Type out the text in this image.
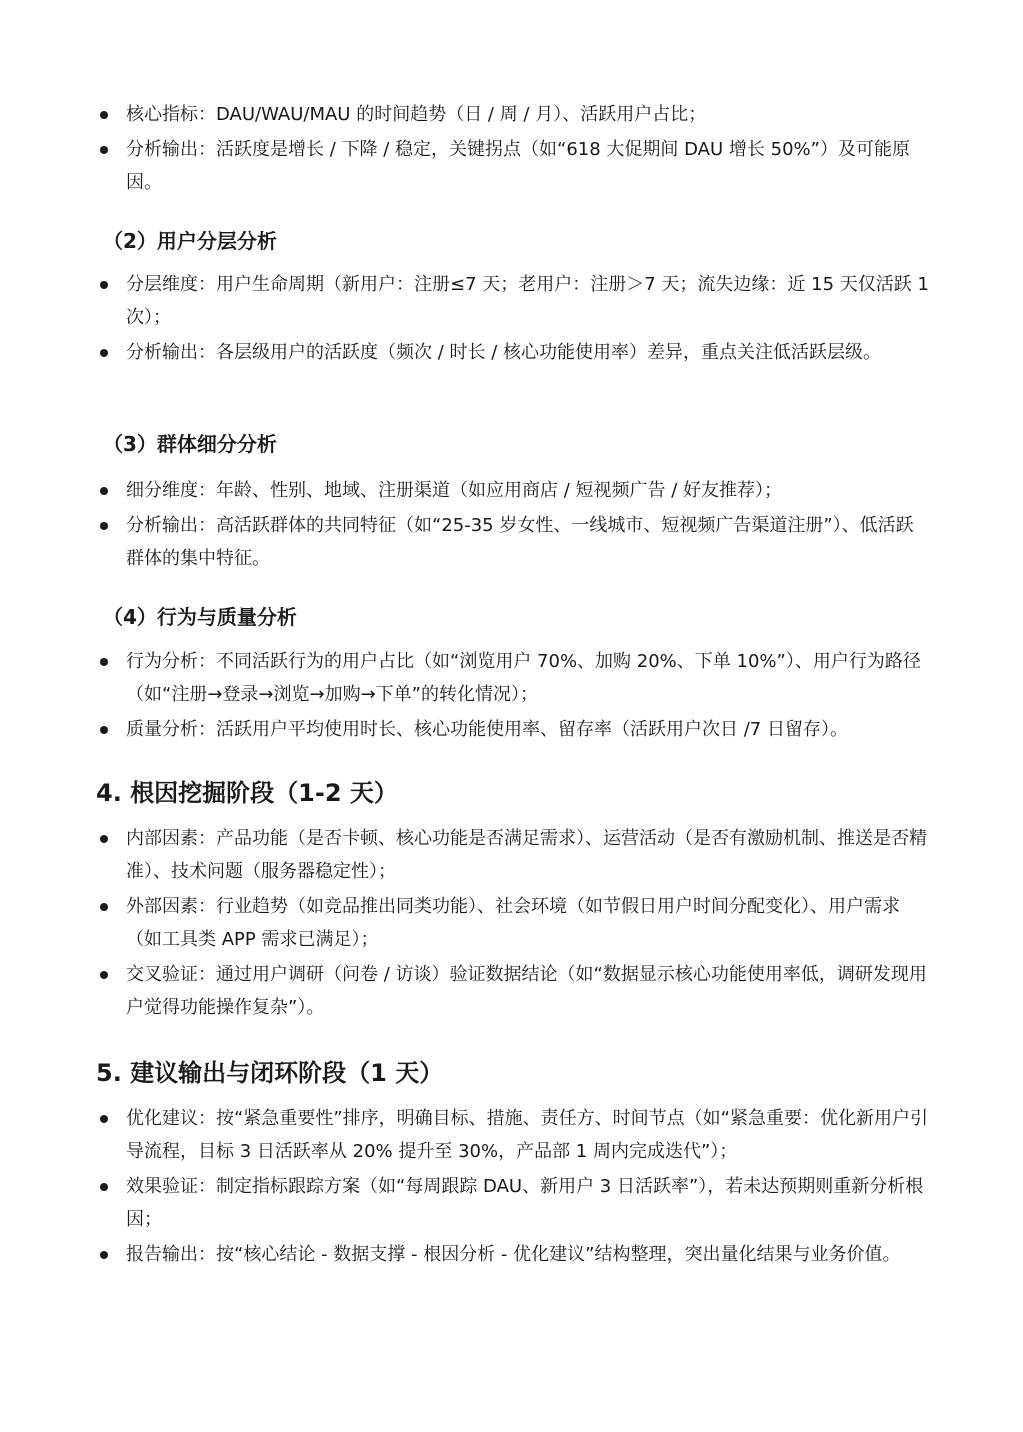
核心指标：DAU/WAU/MAU 的时间趋势（日 / 周 / 月）、活跃用户占比；
分析输出：活跃度是增长 / 下降 / 稳定，关键拐点（如“618 大促期间 DAU 增长 50%”）及可能原因。
（2）用户分层分析
分层维度：用户生命周期（新用户：注册≤7 天；老用户：注册＞7 天；流失边缘：近 15 天仅活跃 1 次）；
分析输出：各层级用户的活跃度（频次 / 时长 / 核心功能使用率）差异，重点关注低活跃层级。
（3）群体细分分析
细分维度：年龄、性别、地域、注册渠道（如应用商店 / 短视频广告 / 好友推荐）；
分析输出：高活跃群体的共同特征（如“25-35 岁女性、一线城市、短视频广告渠道注册”）、低活跃群体的集中特征。
（4）行为与质量分析
行为分析：不同活跃行为的用户占比（如“浏览用户 70%、加购 20%、下单 10%”）、用户行为路径（如“注册→登录→浏览→加购→下单”的转化情况）；
质量分析：活跃用户平均使用时长、核心功能使用率、留存率（活跃用户次日 /7 日留存）。
4. 根因挖掘阶段（1-2 天）
内部因素：产品功能（是否卡顿、核心功能是否满足需求）、运营活动（是否有激励机制、推送是否精准）、技术问题（服务器稳定性）；
外部因素：行业趋势（如竞品推出同类功能）、社会环境（如节假日用户时间分配变化）、用户需求（如工具类 APP 需求已满足）；
交叉验证：通过用户调研（问卷 / 访谈）验证数据结论（如“数据显示核心功能使用率低，调研发现用户觉得功能操作复杂”）。
5. 建议输出与闭环阶段（1 天）
优化建议：按“紧急重要性”排序，明确目标、措施、责任方、时间节点（如“紧急重要：优化新用户引导流程，目标 3 日活跃率从 20% 提升至 30%，产品部 1 周内完成迭代”）；
效果验证：制定指标跟踪方案（如“每周跟踪 DAU、新用户 3 日活跃率”），若未达预期则重新分析根因；
报告输出：按“核心结论 - 数据支撑 - 根因分析 - 优化建议”结构整理，突出量化结果与业务价值。
